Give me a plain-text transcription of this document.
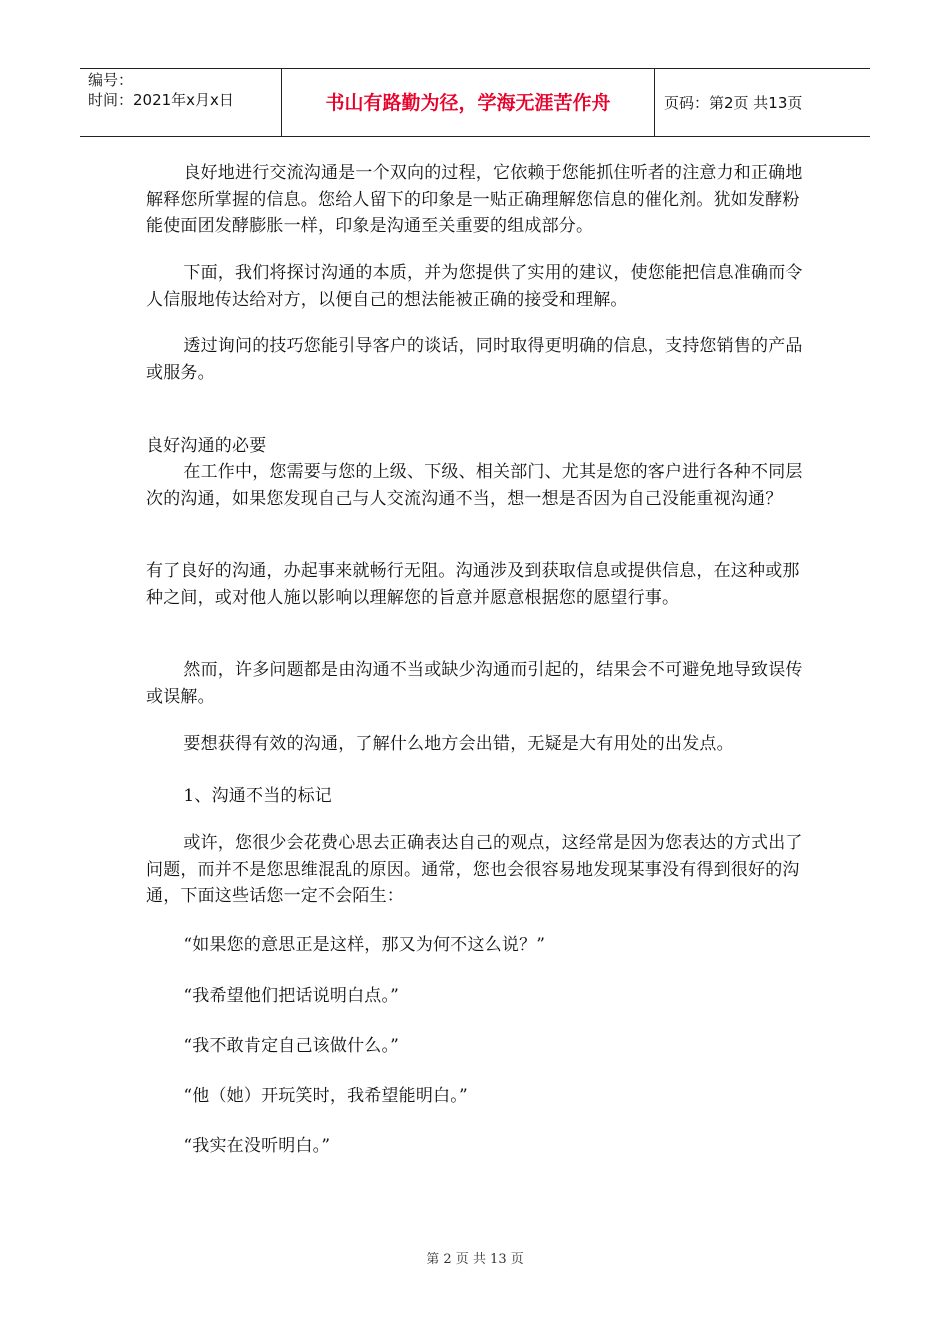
编号：
时间：2021年x月x日	书山有路勤为径，学海无涯苦作舟	页码：第2页 共13页

良好地进行交流沟通是一个双向的过程，它依赖于您能抓住听者的注意力和正确地解释您所掌握的信息。您给人留下的印象是一贴正确理解您信息的催化剂。犹如发酵粉能使面团发酵膨胀一样，印象是沟通至关重要的组成部分。

下面，我们将探讨沟通的本质，并为您提供了实用的建议，使您能把信息准确而令人信服地传达给对方，以便自己的想法能被正确的接受和理解。

透过询问的技巧您能引导客户的谈话，同时取得更明确的信息，支持您销售的产品或服务。

良好沟通的必要

在工作中，您需要与您的上级、下级、相关部门、尤其是您的客户进行各种不同层次的沟通，如果您发现自己与人交流沟通不当，想一想是否因为自己没能重视沟通？

有了良好的沟通，办起事来就畅行无阻。沟通涉及到获取信息或提供信息，在这种或那种之间，或对他人施以影响以理解您的旨意并愿意根据您的愿望行事。

然而，许多问题都是由沟通不当或缺少沟通而引起的，结果会不可避免地导致误传或误解。

要想获得有效的沟通，了解什么地方会出错，无疑是大有用处的出发点。

1、沟通不当的标记

或许，您很少会花费心思去正确表达自己的观点，这经常是因为您表达的方式出了问题，而并不是您思维混乱的原因。通常，您也会很容易地发现某事没有得到很好的沟通，下面这些话您一定不会陌生：

“如果您的意思正是这样，那又为何不这么说？”

“我希望他们把话说明白点。”

“我不敢肯定自己该做什么。”

“他（她）开玩笑时，我希望能明白。”

“我实在没听明白。”

第 2 页 共 13 页
